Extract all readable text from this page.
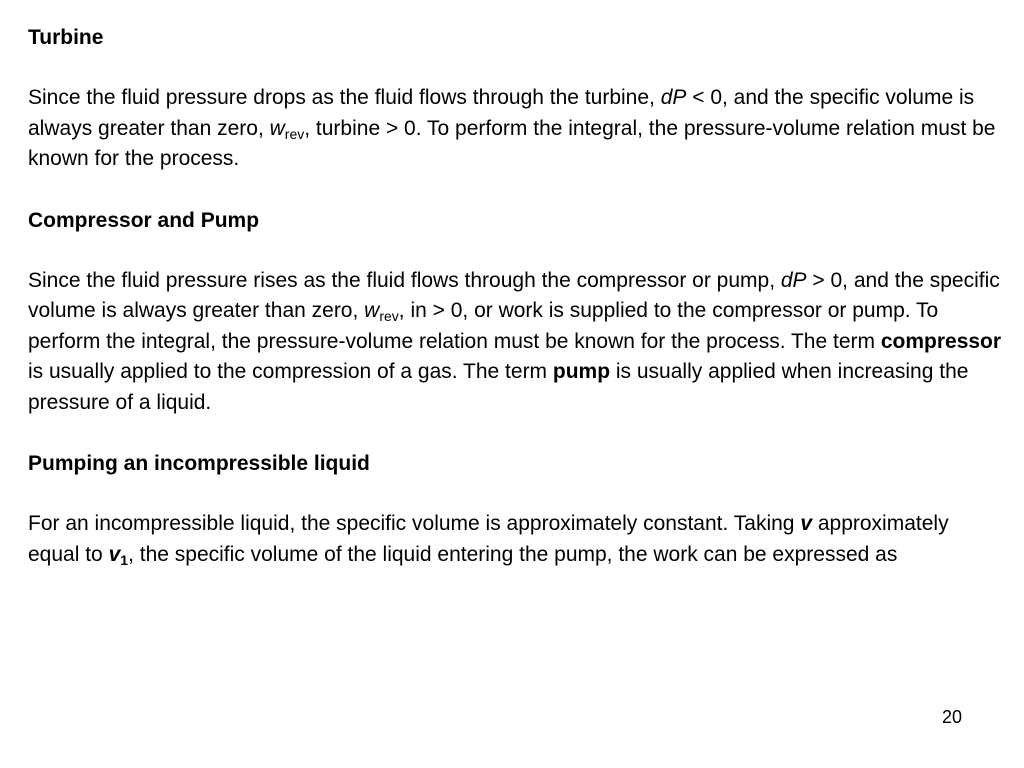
Turbine

Since the fluid pressure drops as the fluid flows through the turbine, dP < 0, and the specific volume is always greater than zero, $w_{rev}$, turbine > 0. To perform the integral, the pressure-volume relation must be known for the process.

Compressor and Pump

Since the fluid pressure rises as the fluid flows through the compressor or pump, dP > 0, and the specific volume is always greater than zero, $w_{rev}$, in > 0, or work is supplied to the compressor or pump. To perform the integral, the pressure-volume relation must be known for the process. The term compressor is usually applied to the compression of a gas. The term pump is usually applied when increasing the pressure of a liquid.

Pumping an incompressible liquid

For an incompressible liquid, the specific volume is approximately constant. Taking v approximately equal to $v_1$, the specific volume of the liquid entering the pump, the work can be expressed as

20
